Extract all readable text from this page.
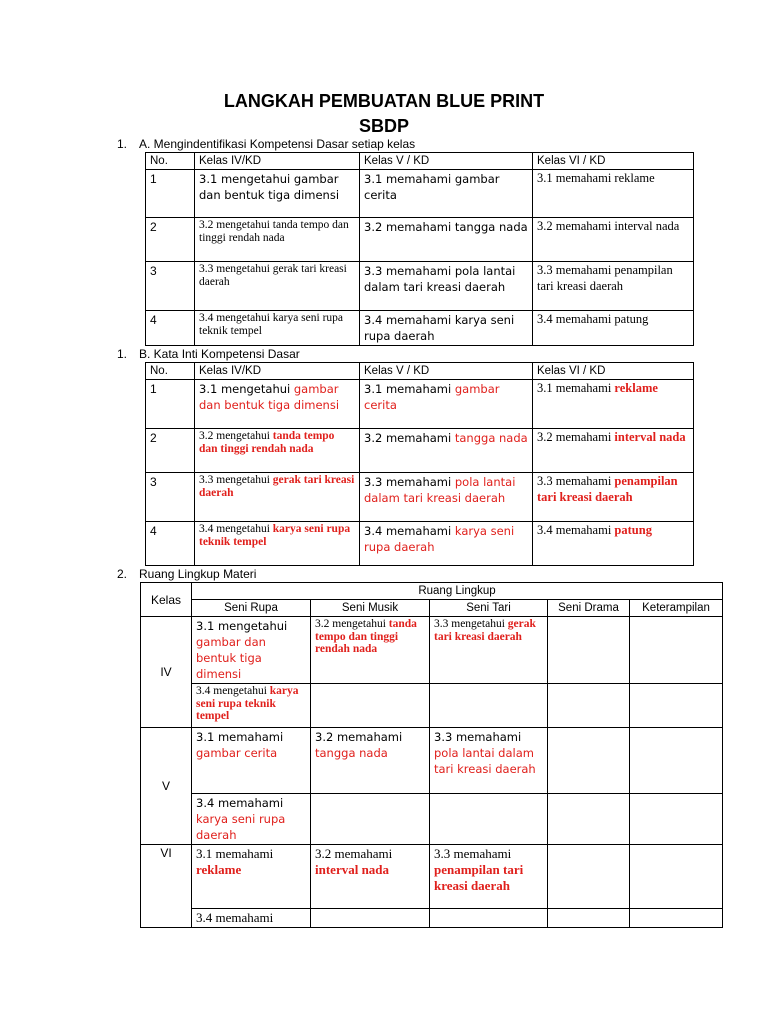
LANGKAH PEMBUATAN BLUE PRINT
SBDP
1. A. Mengindentifikasi Kompetensi Dasar setiap kelas
No.	Kelas IV/KD	Kelas V / KD	Kelas VI / KD
1	3.1 mengetahui gambar dan bentuk tiga dimensi	3.1 memahami gambar cerita	3.1 memahami reklame
2	3.2 mengetahui tanda tempo dan tinggi rendah nada	3.2 memahami tangga nada	3.2 memahami interval nada
3	3.3 mengetahui gerak tari kreasi daerah	3.3 memahami pola lantai dalam tari kreasi daerah	3.3 memahami penampilan tari kreasi daerah
4	3.4 mengetahui karya seni rupa teknik tempel	3.4 memahami karya seni rupa daerah	3.4 memahami patung
1. B. Kata Inti Kompetensi Dasar
No.	Kelas IV/KD	Kelas V / KD	Kelas VI / KD
1	3.1 mengetahui gambar dan bentuk tiga dimensi	3.1 memahami gambar cerita	3.1 memahami reklame
2	3.2 mengetahui tanda tempo dan tinggi rendah nada	3.2 memahami tangga nada	3.2 memahami interval nada
3	3.3 mengetahui gerak tari kreasi daerah	3.3 memahami pola lantai dalam tari kreasi daerah	3.3 memahami penampilan tari kreasi daerah
4	3.4 mengetahui karya seni rupa teknik tempel	3.4 memahami karya seni rupa daerah	3.4 memahami patung
2. Ruang Lingkup Materi
Kelas	Ruang Lingkup				
	Seni Rupa	Seni Musik	Seni Tari	Seni Drama	Keterampilan
IV	3.1 mengetahui gambar dan bentuk tiga dimensi	3.2 mengetahui tanda tempo dan tinggi rendah nada	3.3 mengetahui gerak tari kreasi daerah		
	3.4 mengetahui karya seni rupa teknik tempel				
V	3.1 memahami gambar cerita	3.2 memahami tangga nada	3.3 memahami pola lantai dalam tari kreasi daerah		
	3.4 memahami karya seni rupa daerah				
VI	3.1 memahami reklame	3.2 memahami interval nada	3.3 memahami penampilan tari kreasi daerah		
	3.4 memahami				
